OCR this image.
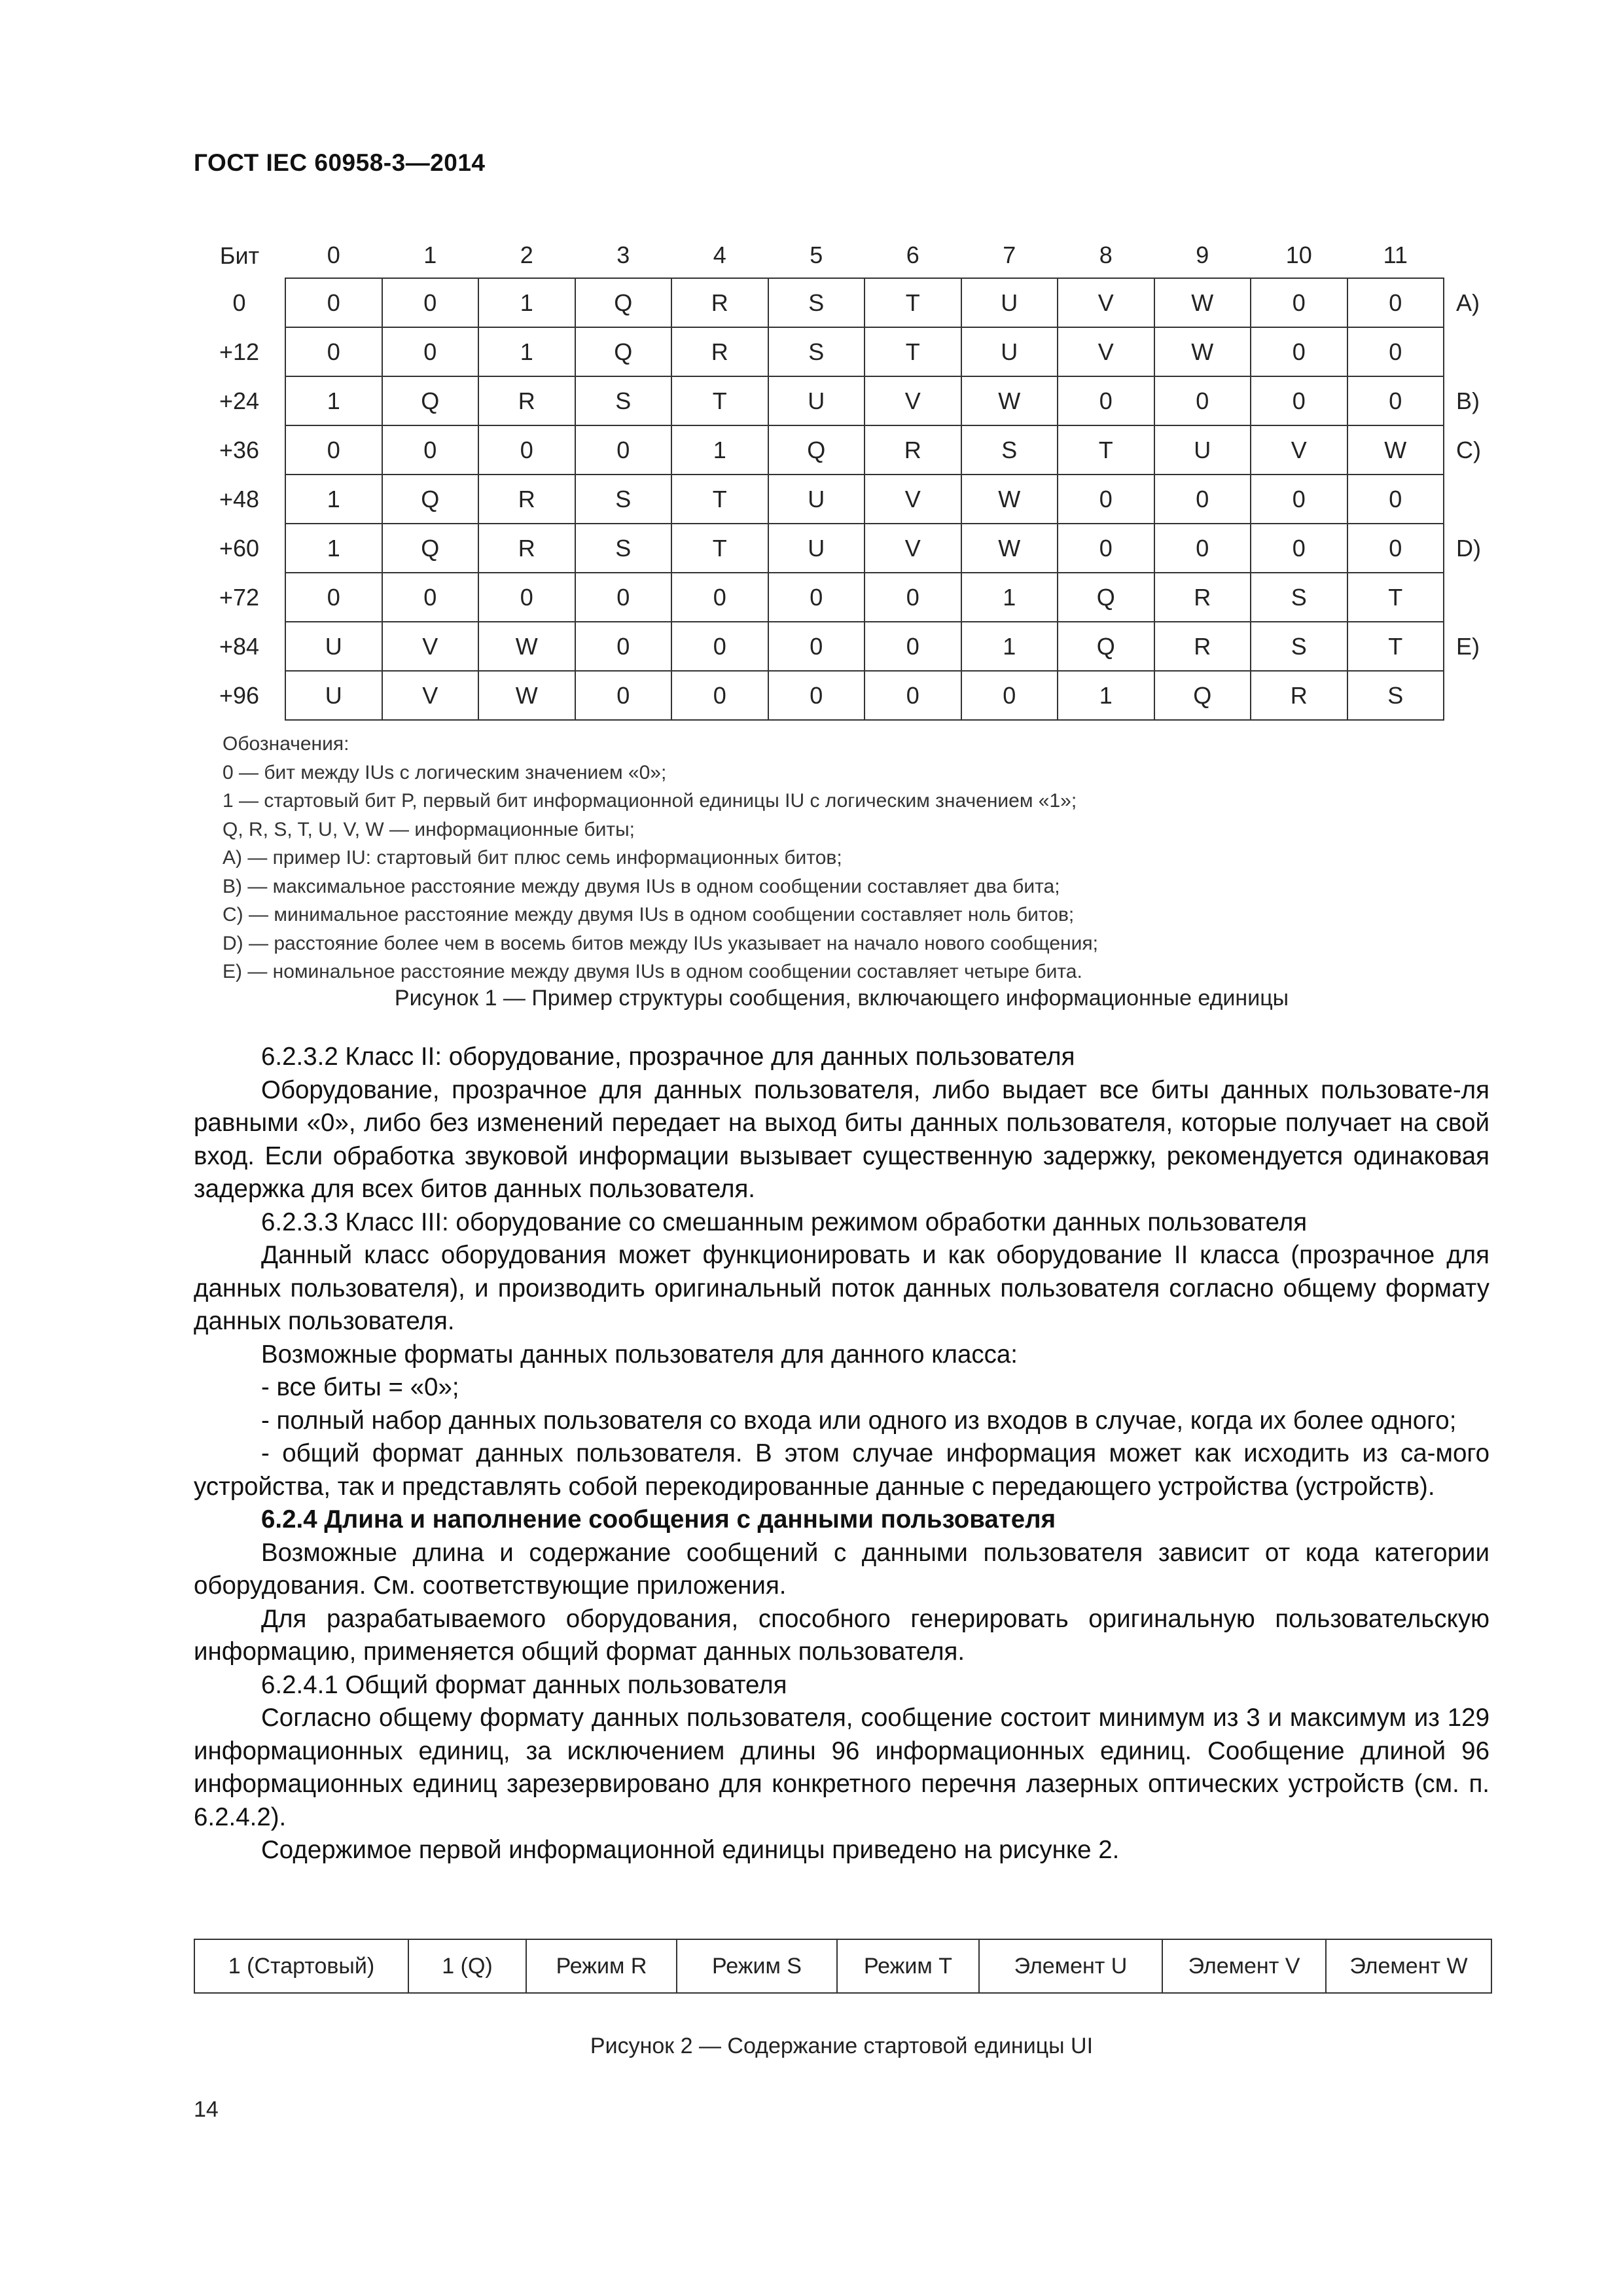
ГОСТ IEC 60958-3—2014
Бит	0	1	2	3	4	5	6	7	8	9	10	11	
0	0	0	1	Q	R	S	T	U	V	W	0	0	A)
+12	0	0	1	Q	R	S	T	U	V	W	0	0	
+24	1	Q	R	S	T	U	V	W	0	0	0	0	B)
+36	0	0	0	0	1	Q	R	S	T	U	V	W	C)
+48	1	Q	R	S	T	U	V	W	0	0	0	0	
+60	1	Q	R	S	T	U	V	W	0	0	0	0	D)
+72	0	0	0	0	0	0	0	1	Q	R	S	T	
+84	U	V	W	0	0	0	0	1	Q	R	S	T	E)
+96	U	V	W	0	0	0	0	0	1	Q	R	S	
Обозначения:
0 — бит между IUs с логическим значением «0»;
1 — стартовый бит P, первый бит информационной единицы IU с логическим значением «1»;
Q, R, S, T, U, V, W — информационные биты;
A) — пример IU: стартовый бит плюс семь информационных битов;
B) — максимальное расстояние между двумя IUs в одном сообщении составляет два бита;
C) — минимальное расстояние между двумя IUs в одном сообщении составляет ноль битов;
D) — расстояние более чем в восемь битов между IUs указывает на начало нового сообщения;
E) — номинальное расстояние между двумя IUs в одном сообщении составляет четыре бита.
Рисунок 1 — Пример структуры сообщения, включающего информационные единицы

6.2.3.2 Класс II: оборудование, прозрачное для данных пользователя

Оборудование, прозрачное для данных пользователя, либо выдает все биты данных пользовате-ля равными «0», либо без изменений передает на выход биты данных пользователя, которые получает на свой вход. Если обработка звуковой информации вызывает существенную задержку, рекомендуется одинаковая задержка для всех битов данных пользователя.

6.2.3.3 Класс III: оборудование со смешанным режимом обработки данных пользователя

Данный класс оборудования может функционировать и как оборудование II класса (прозрачное для данных пользователя), и производить оригинальный поток данных пользователя согласно общему формату данных пользователя.

Возможные форматы данных пользователя для данного класса:

- все биты = «0»;

- полный набор данных пользователя со входа или одного из входов в случае, когда их более одного;

- общий формат данных пользователя. В этом случае информация может как исходить из са-мого устройства, так и представлять собой перекодированные данные с передающего устройства (устройств).

6.2.4 Длина и наполнение сообщения с данными пользователя

Возможные длина и содержание сообщений с данными пользователя зависит от кода категории оборудования. См. соответствующие приложения.

Для разрабатываемого оборудования, способного генерировать оригинальную пользовательскую информацию, применяется общий формат данных пользователя.

6.2.4.1 Общий формат данных пользователя

Согласно общему формату данных пользователя, сообщение состоит минимум из 3 и максимум из 129 информационных единиц, за исключением длины 96 информационных единиц. Сообщение длиной 96 информационных единиц зарезервировано для конкретного перечня лазерных оптических устройств (см. п. 6.2.4.2).

Содержимое первой информационной единицы приведено на рисунке 2.

1 (Стартовый)	1 (Q)	Режим R	Режим S	Режим T	Элемент U	Элемент V	Элемент W
Рисунок 2 — Содержание стартовой единицы UI
14
